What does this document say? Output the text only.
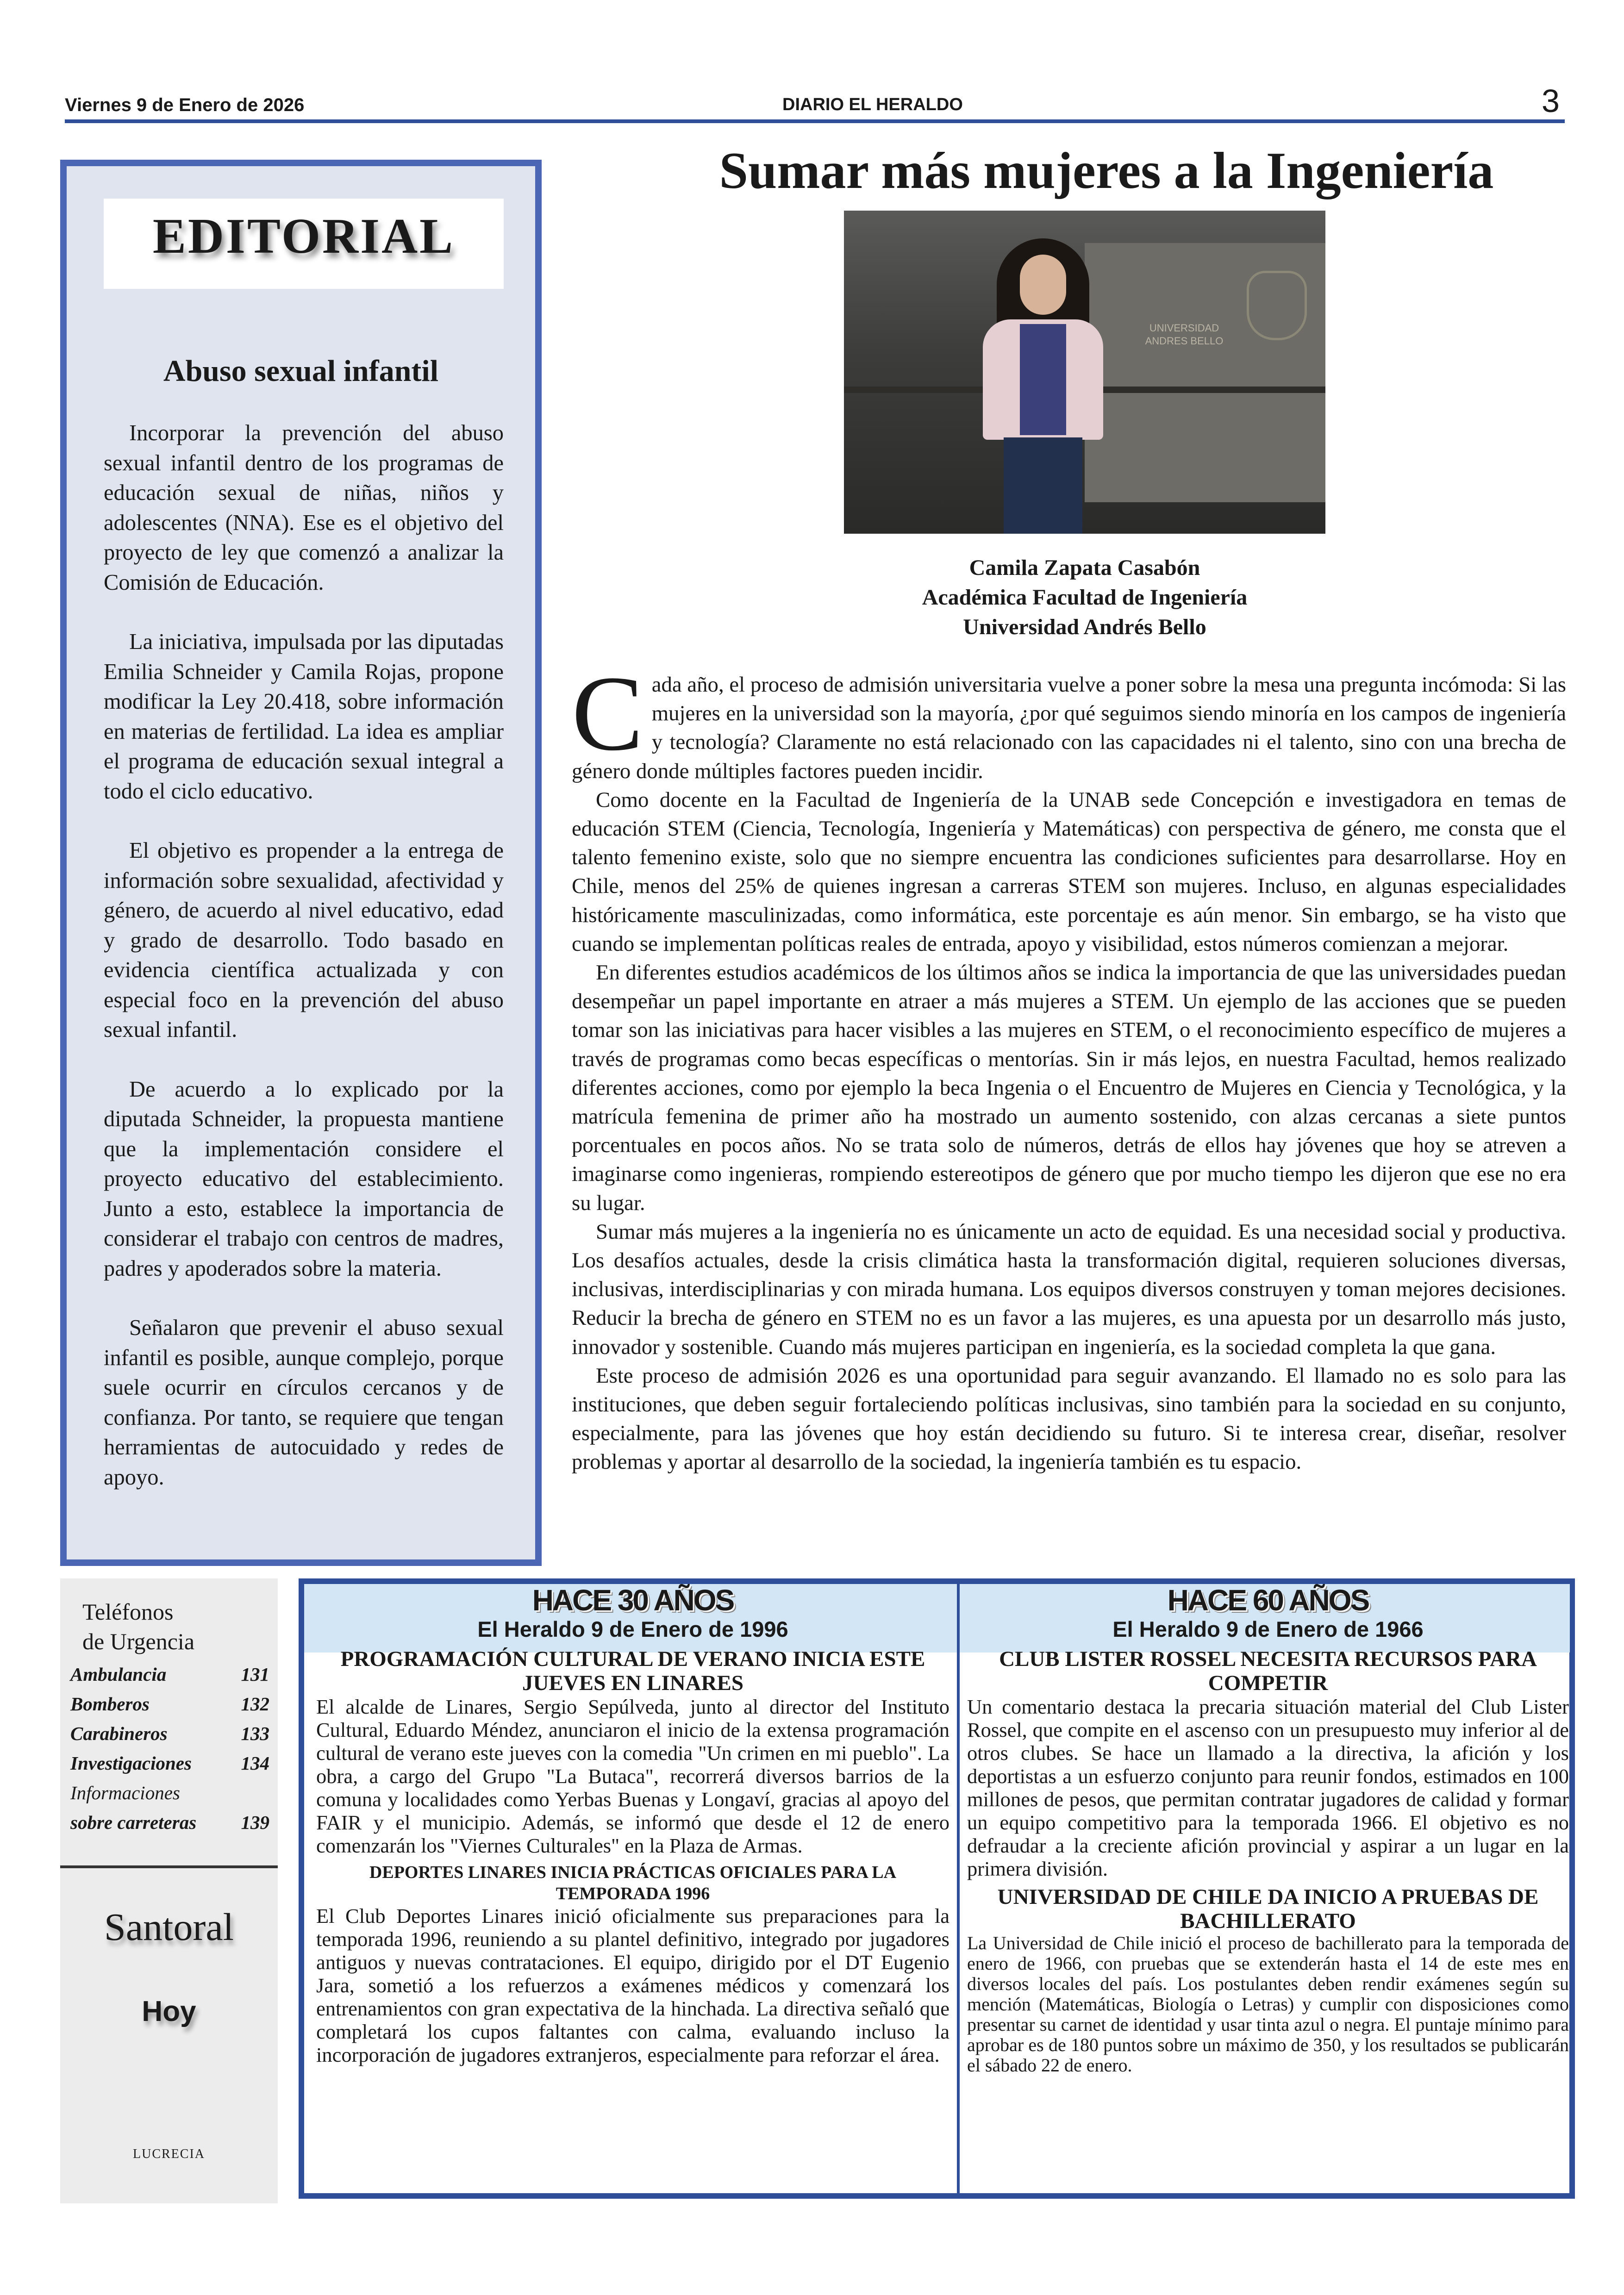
Viernes 9 de Enero de 2026	DIARIO EL HERALDO	3
EDITORIAL
Abuso sexual infantil

Incorporar la prevención del abuso sexual infantil dentro de los programas de educación sexual de niñas, niños y adolescentes (NNA). Ese es el objetivo del proyecto de ley que comenzó a analizar la Comisión de Educación.

La iniciativa, impulsada por las diputadas Emilia Schneider y Camila Rojas, propone modificar la Ley 20.418, sobre información en materias de fertilidad. La idea es ampliar el programa de educación sexual integral a todo el ciclo educativo.

El objetivo es propender a la entrega de información sobre sexualidad, afectividad y género, de acuerdo al nivel educativo, edad y grado de desarrollo. Todo basado en evidencia científica actualizada y con especial foco en la prevención del abuso sexual infantil.

De acuerdo a lo explicado por la diputada Schneider, la propuesta mantiene que la implementación considere el proyecto educativo del establecimiento. Junto a esto, establece la importancia de considerar el trabajo con centros de madres, padres y apoderados sobre la materia.

Señalaron que prevenir el abuso sexual infantil es posible, aunque complejo, porque suele ocurrir en círculos cercanos y de confianza. Por tanto, se requiere que tengan herramientas de autocuidado y redes de apoyo.

Sumar más mujeres a la Ingeniería
UNIVERSIDAD ANDRES BELLO
Camila Zapata Casabón
Académica Facultad de Ingeniería
Universidad Andrés Bello

Cada año, el proceso de admisión universitaria vuelve a poner sobre la mesa una pregunta incómoda: Si las mujeres en la universidad son la mayoría, ¿por qué seguimos siendo minoría en los campos de ingeniería y tecnología? Claramente no está relacionado con las capacidades ni el talento, sino con una brecha de género donde múltiples factores pueden incidir.

Como docente en la Facultad de Ingeniería de la UNAB sede Concepción e investigadora en temas de educación STEM (Ciencia, Tecnología, Ingeniería y Matemáticas) con perspectiva de género, me consta que el talento femenino existe, solo que no siempre encuentra las condiciones suficientes para desarrollarse. Hoy en Chile, menos del 25% de quienes ingresan a carreras STEM son mujeres. Incluso, en algunas especialidades históricamente masculinizadas, como informática, este porcentaje es aún menor. Sin embargo, se ha visto que cuando se implementan políticas reales de entrada, apoyo y visibilidad, estos números comienzan a mejorar.

En diferentes estudios académicos de los últimos años se indica la importancia de que las universidades puedan desempeñar un papel importante en atraer a más mujeres a STEM. Un ejemplo de las acciones que se pueden tomar son las iniciativas para hacer visibles a las mujeres en STEM, o el reconocimiento específico de mujeres a través de programas como becas específicas o mentorías. Sin ir más lejos, en nuestra Facultad, hemos realizado diferentes acciones, como por ejemplo la beca Ingenia o el Encuentro de Mujeres en Ciencia y Tecnológica, y la matrícula femenina de primer año ha mostrado un aumento sostenido, con alzas cercanas a siete puntos porcentuales en pocos años. No se trata solo de números, detrás de ellos hay jóvenes que hoy se atreven a imaginarse como ingenieras, rompiendo estereotipos de género que por mucho tiempo les dijeron que ese no era su lugar.

Sumar más mujeres a la ingeniería no es únicamente un acto de equidad. Es una necesidad social y productiva. Los desafíos actuales, desde la crisis climática hasta la transformación digital, requieren soluciones diversas, inclusivas, interdisciplinarias y con mirada humana. Los equipos diversos construyen y toman mejores decisiones. Reducir la brecha de género en STEM no es un favor a las mujeres, es una apuesta por un desarrollo más justo, innovador y sostenible. Cuando más mujeres participan en ingeniería, es la sociedad completa la que gana.

Este proceso de admisión 2026 es una oportunidad para seguir avanzando. El llamado no es solo para las instituciones, que deben seguir fortaleciendo políticas inclusivas, sino también para la sociedad en su conjunto, especialmente, para las jóvenes que hoy están decidiendo su futuro. Si te interesa crear, diseñar, resolver problemas y aportar al desarrollo de la sociedad, la ingeniería también es tu espacio.

Teléfonos
de Urgencia
Ambulancia	131
Bomberos	132
Carabineros	133
Investigaciones	134
Informaciones
sobre carreteras 139
Santoral
Hoy
LUCRECIA
HACE 30 AÑOS
El Heraldo 9 de Enero de 1996
PROGRAMACIÓN CULTURAL DE VERANO INICIA ESTE JUEVES EN LINARES
El alcalde de Linares, Sergio Sepúlveda, junto al director del Instituto Cultural, Eduardo Méndez, anunciaron el inicio de la extensa programación cultural de verano este jueves con la comedia "Un crimen en mi pueblo". La obra, a cargo del Grupo "La Butaca", recorrerá diversos barrios de la comuna y localidades como Yerbas Buenas y Longaví, gracias al apoyo del FAIR y el municipio. Además, se informó que desde el 12 de enero comenzarán los "Viernes Culturales" en la Plaza de Armas.
DEPORTES LINARES INICIA PRÁCTICAS OFICIALES PARA LA TEMPORADA 1996
El Club Deportes Linares inició oficialmente sus preparaciones para la temporada 1996, reuniendo a su plantel definitivo, integrado por jugadores antiguos y nuevas contrataciones. El equipo, dirigido por el DT Eugenio Jara, sometió a los refuerzos a exámenes médicos y comenzará los entrenamientos con gran expectativa de la hinchada. La directiva señaló que completará los cupos faltantes con calma, evaluando incluso la incorporación de jugadores extranjeros, especialmente para reforzar el área.
HACE 60 AÑOS
El Heraldo 9 de Enero de 1966
CLUB LISTER ROSSEL NECESITA RECURSOS PARA COMPETIR
Un comentario destaca la precaria situación material del Club Lister Rossel, que compite en el ascenso con un presupuesto muy inferior al de otros clubes. Se hace un llamado a la directiva, la afición y los deportistas a un esfuerzo conjunto para reunir fondos, estimados en 100 millones de pesos, que permitan contratar jugadores de calidad y formar un equipo competitivo para la temporada 1966. El objetivo es no defraudar a la creciente afición provincial y aspirar a un lugar en la primera división.
UNIVERSIDAD DE CHILE DA INICIO A PRUEBAS DE BACHILLERATO
La Universidad de Chile inició el proceso de bachillerato para la temporada de enero de 1966, con pruebas que se extenderán hasta el 14 de este mes en diversos locales del país. Los postulantes deben rendir exámenes según su mención (Matemáticas, Biología o Letras) y cumplir con disposiciones como presentar su carnet de identidad y usar tinta azul o negra. El puntaje mínimo para aprobar es de 180 puntos sobre un máximo de 350, y los resultados se publicarán el sábado 22 de enero.
